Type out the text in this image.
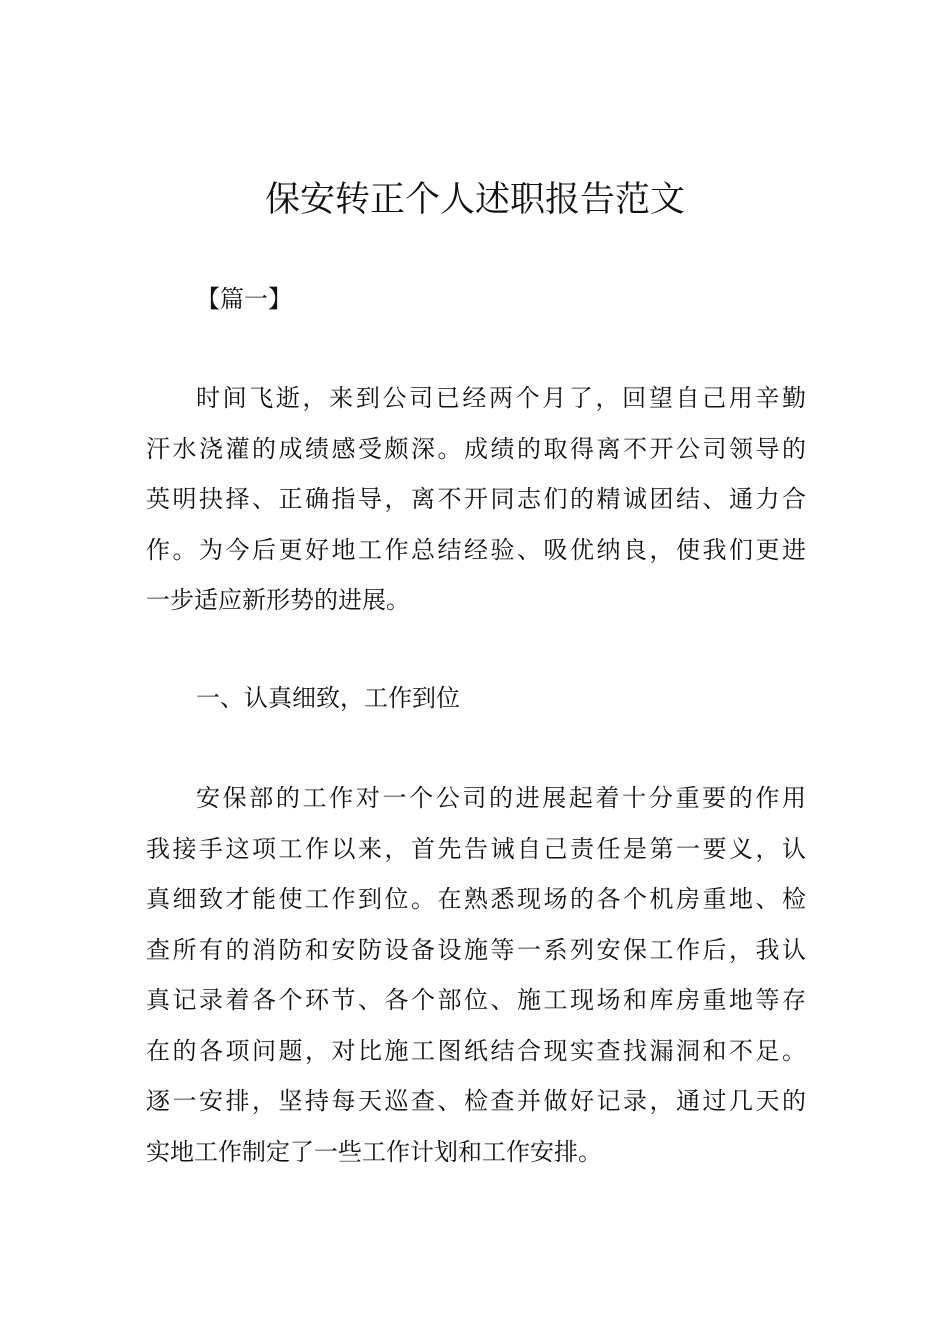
保安转正个人述职报告范文

【篇一】

时间飞逝，来到公司已经两个月了，回望自己用辛勤
汗水浇灌的成绩感受颇深。成绩的取得离不开公司领导的
英明抉择、正确指导，离不开同志们的精诚团结、通力合
作。为今后更好地工作总结经验、吸优纳良，使我们更进
一步适应新形势的进展。

一、认真细致，工作到位

安保部的工作对一个公司的进展起着十分重要的作用
我接手这项工作以来，首先告诫自己责任是第一要义，认
真细致才能使工作到位。在熟悉现场的各个机房重地、检
查所有的消防和安防设备设施等一系列安保工作后，我认
真记录着各个环节、各个部位、施工现场和库房重地等存
在的各项问题，对比施工图纸结合现实查找漏洞和不足。
逐一安排，坚持每天巡查、检查并做好记录，通过几天的
实地工作制定了一些工作计划和工作安排。
